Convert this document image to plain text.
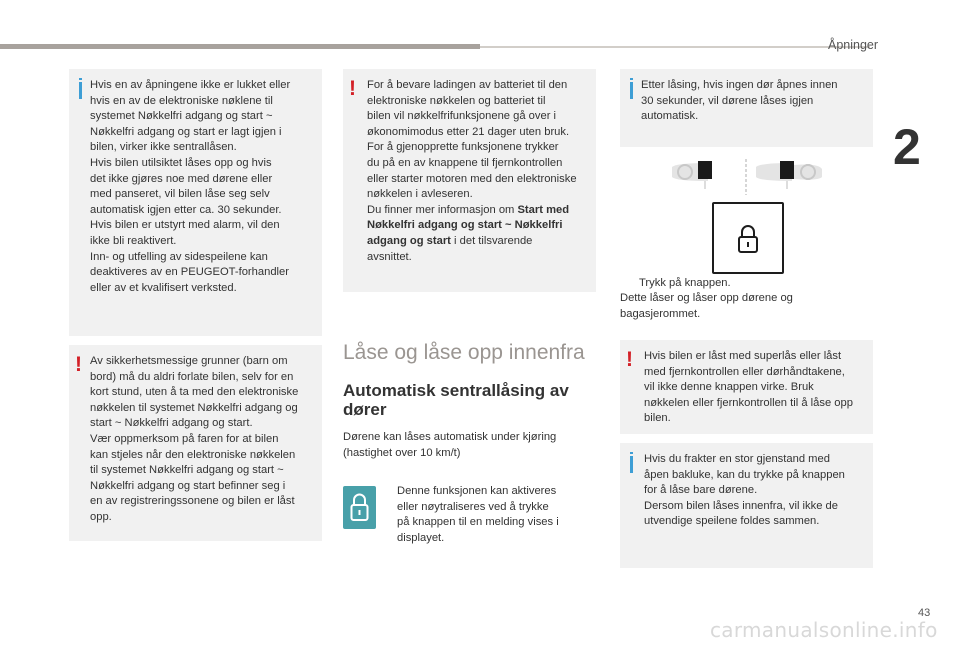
Åpninger
2

Hvis en av åpningene ikke er lukket eller
hvis en av de elektroniske nøklene til
systemet Nøkkelfri adgang og start ~
Nøkkelfri adgang og start er lagt igjen i
bilen, virker ikke sentrallåsen.
Hvis bilen utilsiktet låses opp og hvis
det ikke gjøres noe med dørene eller
med panseret, vil bilen låse seg selv
automatisk igjen etter ca. 30 sekunder.
Hvis bilen er utstyrt med alarm, vil den
ikke bli reaktivert.
Inn- og utfelling av sidespeilene kan
deaktiveres av en PEUGEOT-forhandler
eller av et kvalifisert verksted.

! Av sikkerhetsmessige grunner (barn om
bord) må du aldri forlate bilen, selv for en
kort stund, uten å ta med den elektroniske
nøkkelen til systemet Nøkkelfri adgang og
start ~ Nøkkelfri adgang og start.
Vær oppmerksom på faren for at bilen
kan stjeles når den elektroniske nøkkelen
til systemet Nøkkelfri adgang og start ~
Nøkkelfri adgang og start befinner seg i
en av registreringssonene og bilen er låst
opp.

! For å bevare ladingen av batteriet til den
elektroniske nøkkelen og batteriet til
bilen vil nøkkelfrifunksjonene gå over i
økonomimodus etter 21 dager uten bruk.
For å gjenopprette funksjonene trykker
du på en av knappene til fjernkontrollen
eller starter motoren med den elektroniske
nøkkelen i avleseren.
Du finner mer informasjon om Start med
Nøkkelfri adgang og start ~ Nøkkelfri
adgang og start i det tilsvarende
avsnittet.

Låse og låse opp innenfra
Automatisk sentrallåsing av dører
Dørene kan låses automatisk under kjøring
(hastighet over 10 km/t)
Denne funksjonen kan aktiveres
eller nøytraliseres ved å trykke
på knappen til en melding vises i
displayet.

Etter låsing, hvis ingen dør åpnes innen
30 sekunder, vil dørene låses igjen
automatisk.

Trykk på knappen.
Dette låser og låser opp dørene og
bagasjerommet.
! Hvis bilen er låst med superlås eller låst
med fjernkontrollen eller dørhåndtakene,
vil ikke denne knappen virke. Bruk
nøkkelen eller fjernkontrollen til å låse opp
bilen.

Hvis du frakter en stor gjenstand med
åpen bakluke, kan du trykke på knappen
for å låse bare dørene.
Dersom bilen låses innenfra, vil ikke de
utvendige speilene foldes sammen.

43
carmanualsonline.info
